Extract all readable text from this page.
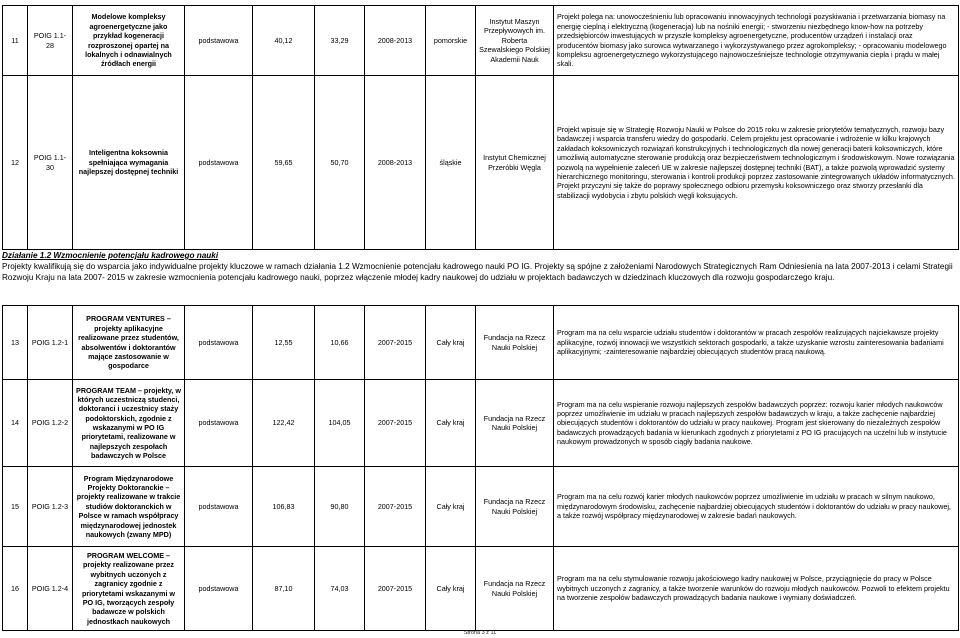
11	POIG 1.1-28	Modelowe kompleksy agroenergetyczne jako przykład kogeneracji rozproszonej opartej na lokalnych i odnawialnych źródłach energii	podstawowa	40,12	33,29	2008-2013	pomorskie	Instytut Maszyn Przepływowych im. Roberta Szewalskiego Polskiej Akademii Nauk	Projekt polega na: unowocześnieniu lub opracowaniu innowacyjnych technologii pozyskiwania i przetwarzania biomasy na energię cieplną i elektryczną (kogeneracja) lub na nośniki energii; - stworzeniu niezbędnego know-how na potrzeby przedsiębiorców inwestujących w przyszłe kompleksy agroenergetyczne, producentów urządzeń i instalacji oraz producentów biomasy jako surowca wytwarzanego i wykorzystywanego przez agrokompleksy; - opracowaniu modelowego kompleksu agroenergetycznego wykorzystującego najnowocześniejsze technologie otrzymywania ciepła i prądu w małej skali.
12	POIG 1.1-30	Inteligentna koksownia spełniająca wymagania najlepszej dostępnej techniki	podstawowa	59,65	50,70	2008-2013	śląskie	Instytut Chemicznej Przeróbki Węgla	Projekt wpisuje się w Strategię Rozwoju Nauki w Polsce do 2015 roku w zakresie priorytetów tematycznych, rozwoju bazy badawczej i wsparcia transferu wiedzy do gospodarki. Celem projektu jest opracowanie i wdrożenie w kilku krajowych zakładach koksowniczych rozwiązań konstrukcyjnych i technologicznych dla nowej generacji baterii koksowniczych, które umożliwią automatyczne sterowanie produkcją oraz bezpieczeństwem technologicznym i środowiskowym. Nowe rozwiązania pozwolą na wypełnienie zaleceń UE w zakresie najlepszej dostępnej techniki (BAT), a także pozwolą wprowadzić systemy hierarchicznego monitoringu, sterowania i kontroli produkcji poprzez zastosowanie zintegrowanych układów informatycznych. Projekt przyczyni się także do poprawy społecznego odbioru przemysłu koksowniczego oraz stworzy przesłanki dla stabilizacji wydobycia i zbytu polskich węgli koksujących.
Działanie 1.2 Wzmocnienie potencjału kadrowego nauki
Projekty kwalifikują się do wsparcia jako indywidualne projekty kluczowe w ramach działania 1.2 Wzmocnienie potencjału kadrowego nauki PO IG. Projekty są spójne z założeniami Narodowych Strategicznych Ram Odniesienia na lata 2007-2013 i celami Strategii Rozwoju Kraju na lata 2007- 2015 w zakresie wzmocnienia potencjału kadrowego nauki, poprzez włączenie młodej kadry naukowej do udziału w projektach badawczych w dziedzinach kluczowych dla rozwoju gospodarczego kraju.
13	POIG 1.2-1	PROGRAM VENTURES – projekty aplikacyjne realizowane przez studentów, absolwentów i doktorantów mające zastosowanie w gospodarce	podstawowa	12,55	10,66	2007-2015	Cały kraj	Fundacja na Rzecz Nauki Polskiej	Program ma na celu wsparcie udziału studentów i doktorantów w pracach zespołów realizujących najciekawsze projekty aplikacyjne, rozwój innowacji we wszystkich sektorach gospodarki, a także uzyskanie wzrostu zainteresowania badaniami aplikacyjnymi; -zainteresowanie najbardziej obiecujących studentów pracą naukową.
14	POIG 1.2-2	PROGRAM TEAM – projekty, w których uczestniczą studenci, doktoranci i uczestnicy staży podoktorskich, zgodnie z wskazanymi w PO IG priorytetami, realizowane w najlepszych zespołach badawczych w Polsce	podstawowa	122,42	104,05	2007-2015	Cały kraj	Fundacja na Rzecz Nauki Polskiej	Program ma na celu wspieranie rozwoju najlepszych zespołów badawczych poprzez: rozwoju karier młodych naukowców poprzez umożliwienie im udziału w pracach najlepszych zespołów badawczych w kraju, a także zachęcenie najbardziej obiecujących studentów i doktorantów do udziału w pracy naukowej. Program jest skierowany do niezależnych zespołów badawczych prowadzących badania w kierunkach zgodnych z priorytetami z PO IG pracujących na uczelni lub w instytucie naukowym prowadzonych w sposób ciągły badania naukowe.
15	POIG 1.2-3	Program Międzynarodowe Projekty Doktoranckie – projekty realizowane w trakcie studiów doktoranckich w Polsce w ramach współpracy międzynarodowej jednostek naukowych (zwany MPD)	podstawowa	106,83	90,80	2007-2015	Cały kraj	Fundacja na Rzecz Nauki Polskiej	Program ma na celu rozwój karier młodych naukowców poprzez umożliwienie im udziału w pracach w silnym naukowo, międzynarodowym środowisku, zachęcenie najbardziej obiecujących studentów i doktorantów do udziału w pracy naukowej, a także rozwój współpracy międzynarodowej w zakresie badań naukowych.
16	POIG 1.2-4	PROGRAM WELCOME – projekty realizowane przez wybitnych uczonych z zagranicy zgodnie z priorytetami wskazanymi w PO IG, tworzących zespoły badawcze w polskich jednostkach naukowych	podstawowa	87,10	74,03	2007-2015	Cały kraj	Fundacja na Rzecz Nauki Polskiej	Program ma na celu stymulowanie rozwoju jakościowego kadry naukowej w Polsce, przyciągnięcie do pracy w Polsce wybitnych uczonych z zagranicy, a także tworzenie warunków do rozwoju młodych naukowców. Pozwoli to efektem projektu na tworzenie zespołów badawczych prowadzących badania naukowe i wymiany doświadczeń.
Strona 3 z 11
